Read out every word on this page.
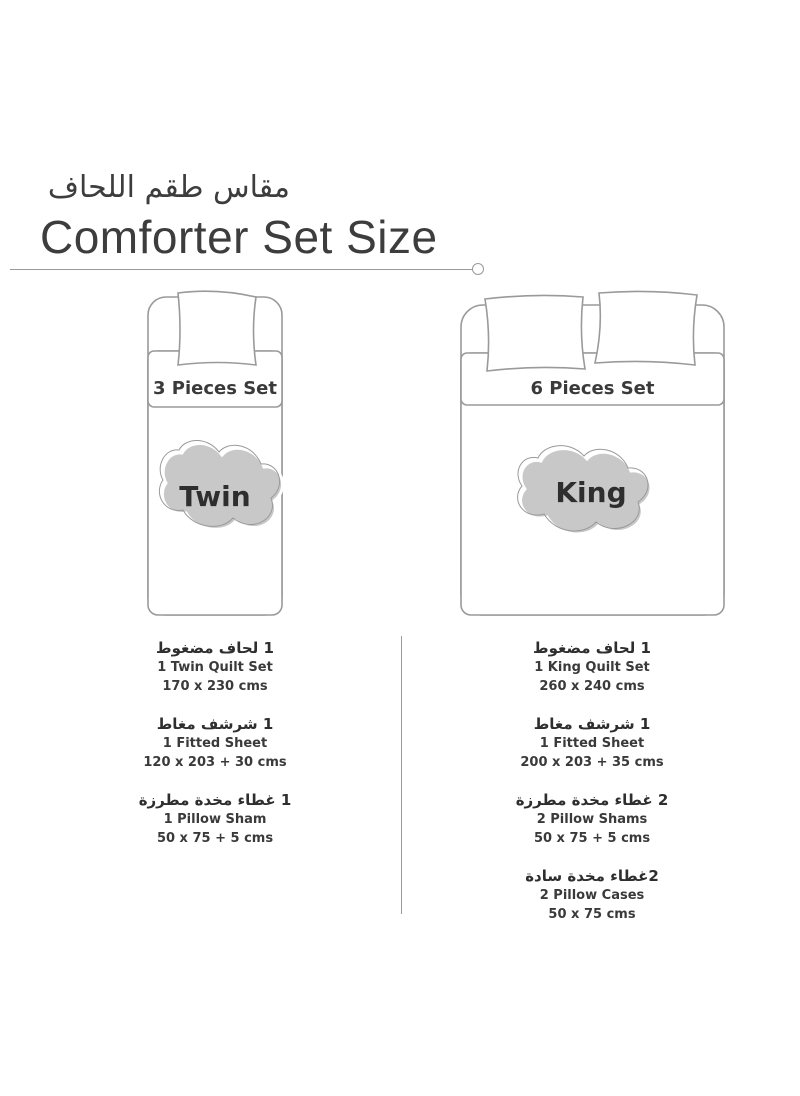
مقاس طقم اللحاف
Comforter Set Size
3 Pieces Set
Twin
6 Pieces Set
King
1 لحاف مضغوط
1 Twin Quilt Set
170 x 230 cms
1 شرشف مغاط
1 Fitted Sheet
120 x 203 + 30 cms
1 غطاء مخدة مطرزة
1 Pillow Sham
50 x 75 + 5 cms
1 لحاف مضغوط
1 King Quilt Set
260 x 240 cms
1 شرشف مغاط
1 Fitted Sheet
200 x 203 + 35 cms
2 غطاء مخدة مطرزة
2 Pillow Shams
50 x 75 + 5 cms
2غطاء مخدة سادة
2 Pillow Cases
50 x 75 cms
